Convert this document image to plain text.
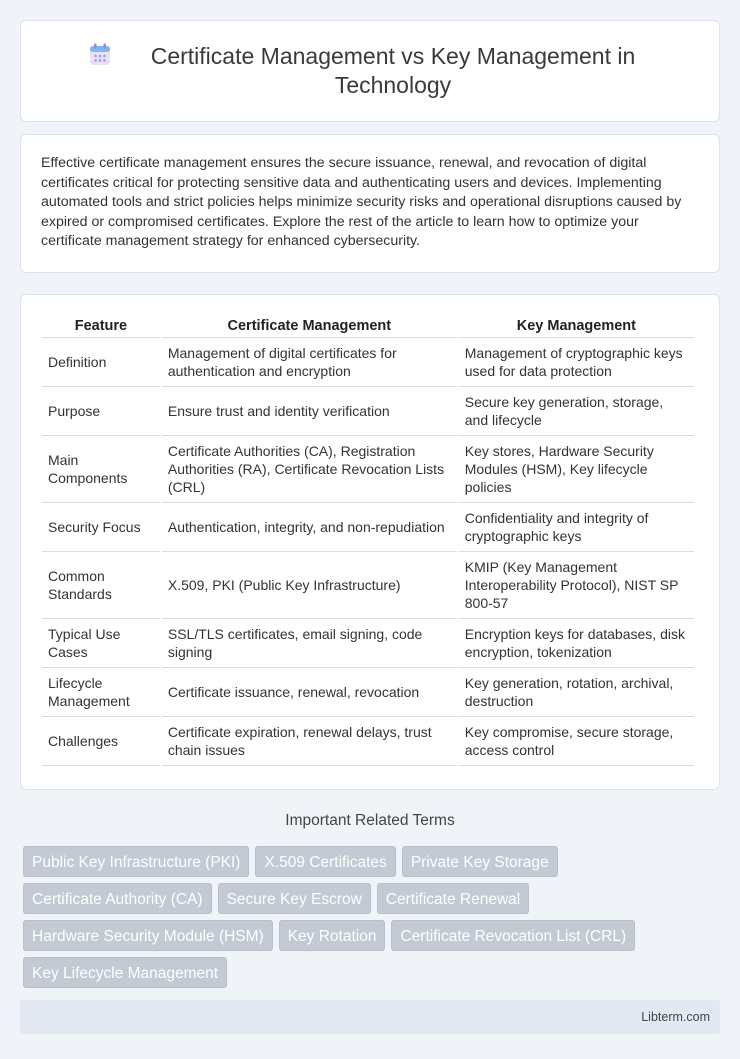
Certificate Management vs Key Management in Technology

Effective certificate management ensures the secure issuance, renewal, and revocation of digital certificates critical for protecting sensitive data and authenticating users and devices. Implementing automated tools and strict policies helps minimize security risks and operational disruptions caused by expired or compromised certificates. Explore the rest of the article to learn how to optimize your certificate management strategy for enhanced cybersecurity.

Feature	Certificate Management	Key Management
Definition	Management of digital certificates for authentication and encryption	Management of cryptographic keys used for data protection
Purpose	Ensure trust and identity verification	Secure key generation, storage, and lifecycle
Main Components	Certificate Authorities (CA), Registration Authorities (RA), Certificate Revocation Lists (CRL)	Key stores, Hardware Security Modules (HSM), Key lifecycle policies
Security Focus	Authentication, integrity, and non-repudiation	Confidentiality and integrity of cryptographic keys
Common Standards	X.509, PKI (Public Key Infrastructure)	KMIP (Key Management Interoperability Protocol), NIST SP 800-57
Typical Use Cases	SSL/TLS certificates, email signing, code signing	Encryption keys for databases, disk encryption, tokenization
Lifecycle Management	Certificate issuance, renewal, revocation	Key generation, rotation, archival, destruction
Challenges	Certificate expiration, renewal delays, trust chain issues	Key compromise, secure storage, access control
Important Related Terms
Public Key Infrastructure (PKI)	X.509 Certificates	Private Key Storage
Certificate Authority (CA)	Secure Key Escrow	Certificate Renewal
Hardware Security Module (HSM)	Key Rotation	Certificate Revocation List (CRL)
Key Lifecycle Management
Libterm.com
